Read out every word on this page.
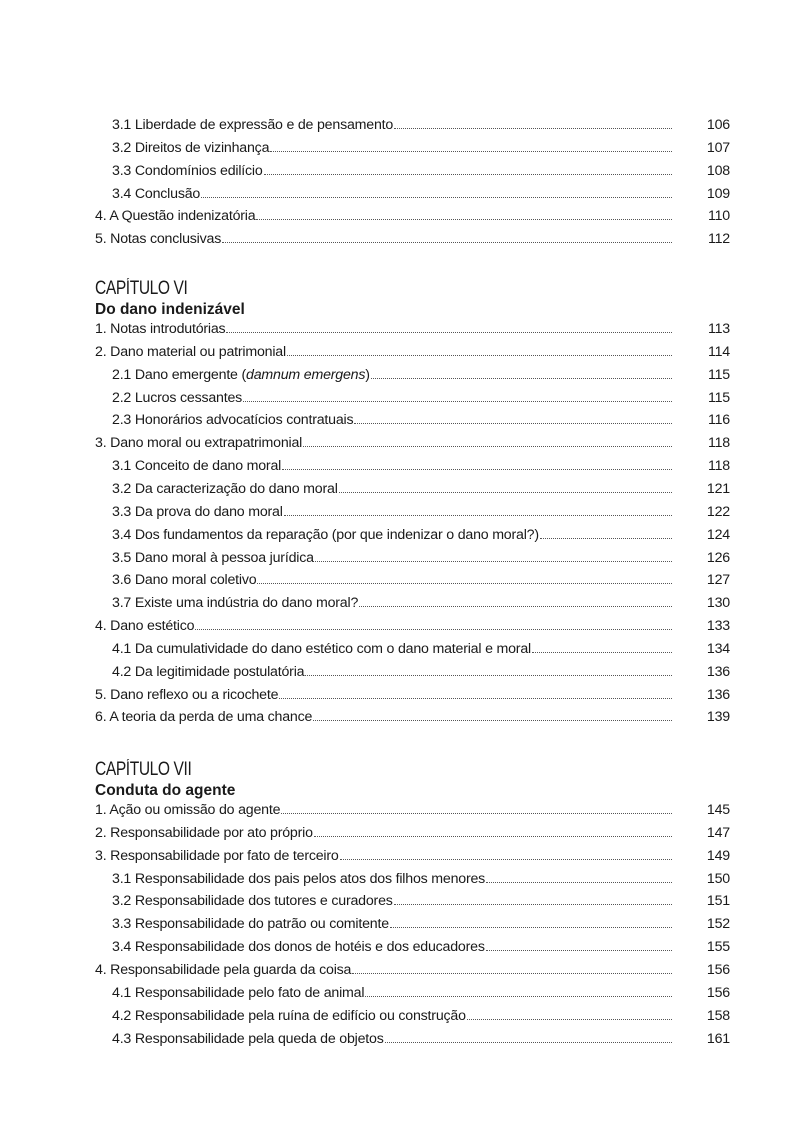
CAPÍTULO VI
Do dano indenizável
CAPÍTULO VII
Conduta do agente
3.1 Liberdade de expressão e de pensamento	106
3.2 Direitos de vizinhança	107
3.3 Condomínios edilício	108
3.4 Conclusão	109
4. A Questão indenizatória	110
5. Notas conclusivas	112
1. Notas introdutórias	113
2. Dano material ou patrimonial	114
2.1 Dano emergente ( damnum emergens )	115
2.2 Lucros cessantes	115
2.3 Honorários advocatícios contratuais	116
3. Dano moral ou extrapatrimonial	118
3.1 Conceito de dano moral	118
3.2 Da caracterização do dano moral	121
3.3 Da prova do dano moral	122
3.4 Dos fundamentos da reparação (por que indenizar o dano moral?)	124
3.5 Dano moral à pessoa jurídica	126
3.6 Dano moral coletivo	127
3.7 Existe uma indústria do dano moral?	130
4. Dano estético	133
4.1 Da cumulatividade do dano estético com o dano material e moral	134
4.2 Da legitimidade postulatória	136
5. Dano reflexo ou a ricochete	136
6. A teoria da perda de uma chance	139
1. Ação ou omissão do agente	145
2. Responsabilidade por ato próprio	147
3. Responsabilidade por fato de terceiro	149
3.1 Responsabilidade dos pais pelos atos dos filhos menores	150
3.2 Responsabilidade dos tutores e curadores	151
3.3 Responsabilidade do patrão ou comitente	152
3.4 Responsabilidade dos donos de hotéis e dos educadores	155
4. Responsabilidade pela guarda da coisa	156
4.1 Responsabilidade pelo fato de animal	156
4.2 Responsabilidade pela ruína de edifício ou construção	158
4.3 Responsabilidade pela queda de objetos	161
